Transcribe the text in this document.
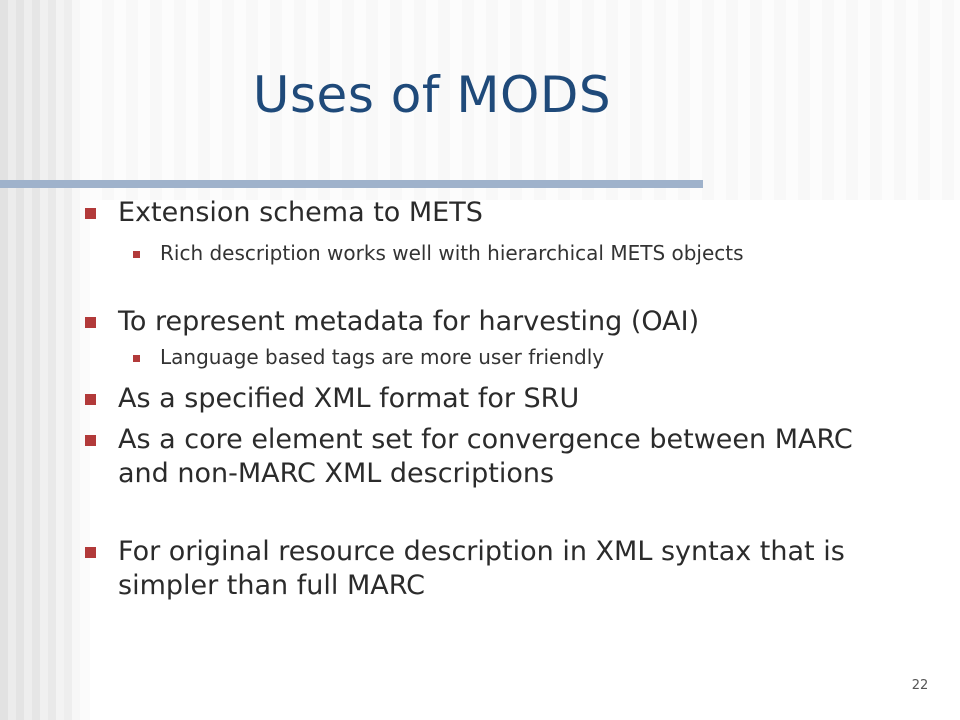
Uses of MODS
Extension schema to METS
Rich description works well with hierarchical METS objects
To represent metadata for harvesting (OAI)
Language based tags are more user friendly
As a specified XML format for SRU
As a core element set for convergence between MARC and non-MARC XML descriptions
For original resource description in XML syntax that is simpler than full MARC
22
